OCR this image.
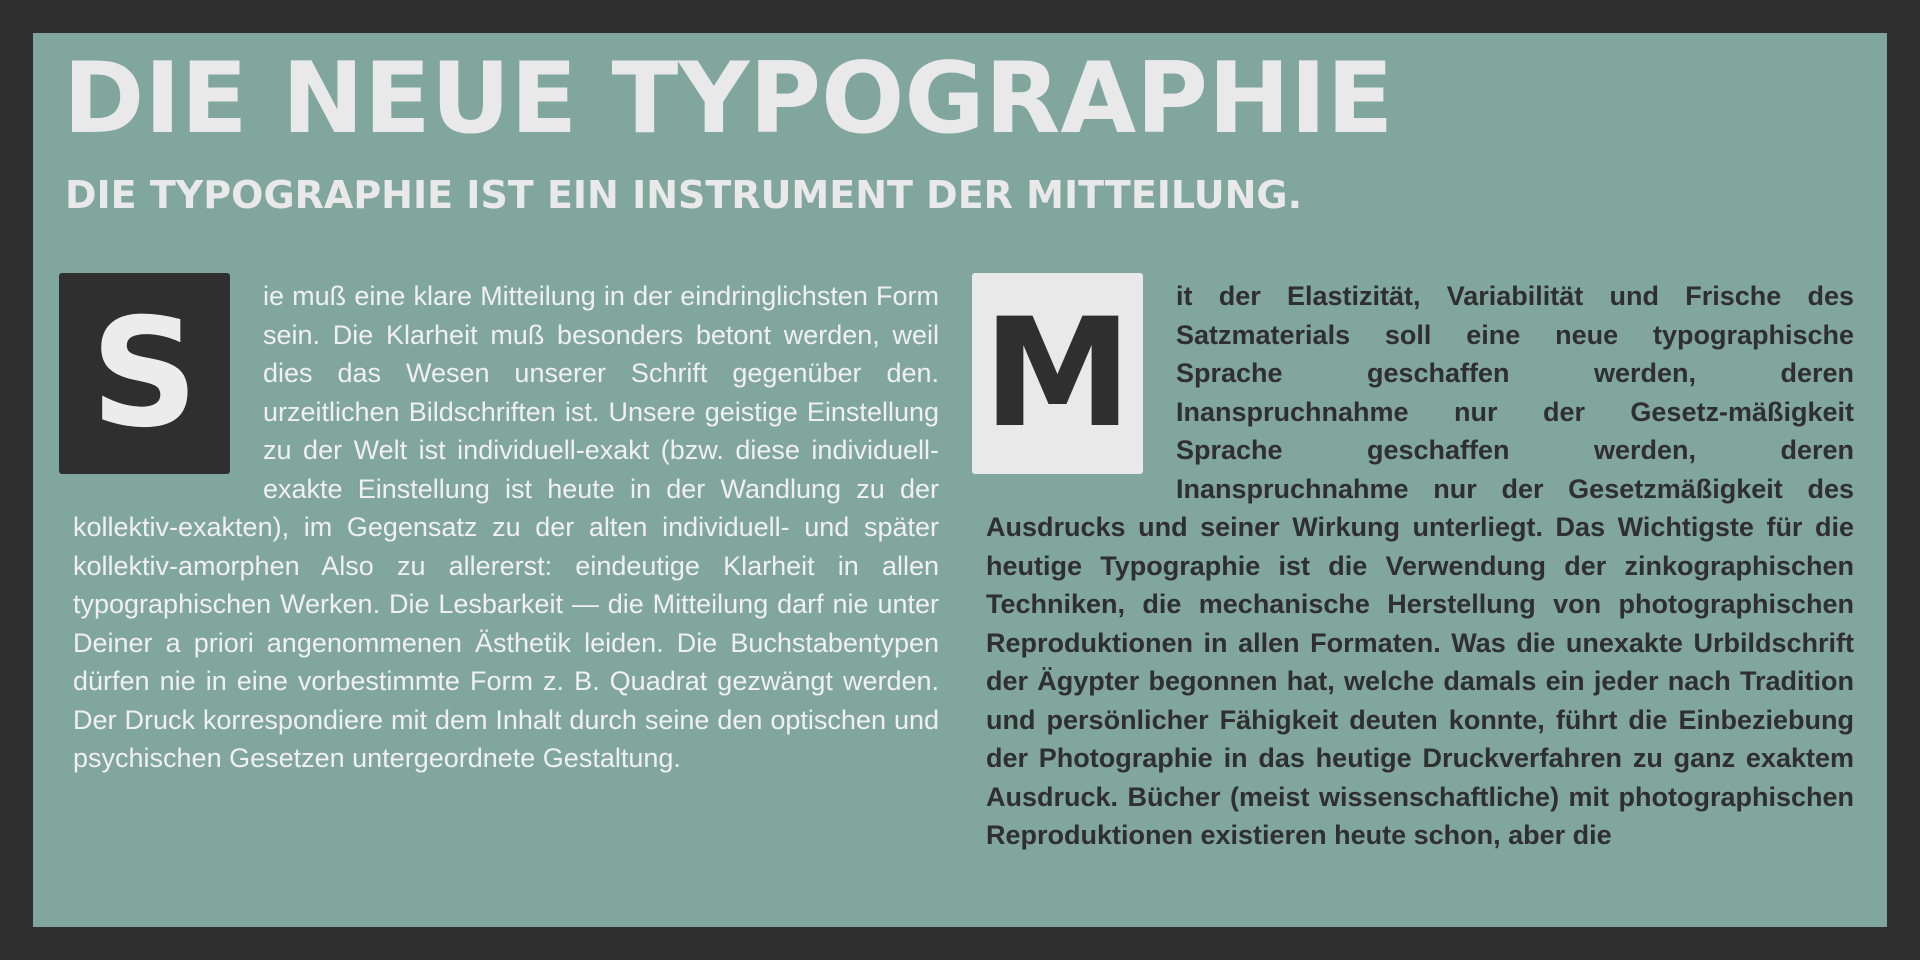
DIE NEUE TYPOGRAPHIE
DIE TYPOGRAPHIE IST EIN INSTRUMENT DER MITTEILUNG.

S	ie muß eine klare Mitteilung in der eindringlichsten Form sein. Die Klarheit muß besonders betont werden, weil dies das Wesen unserer Schrift gegenüber den. urzeitlichen Bildschriften ist. Unsere geistige Einstellung zu der Welt ist individuell-exakt (bzw. diese individuell-exakte Einstellung ist heute in der Wandlung zu der kollektiv-exakten), im Gegensatz zu der alten individuell- und später kollektiv-amorphen Also zu allererst: eindeutige Klarheit in allen typographischen Werken. Die Lesbarkeit — die Mitteilung darf nie unter Deiner a priori angenommenen Ästhetik leiden. Die Buchstabentypen dürfen nie in eine vorbestimmte Form z. B. Quadrat gezwängt werden. Der Druck korrespondiere mit dem Inhalt durch seine den optischen und psychischen Gesetzen untergeordnete Gestaltung.

M	it der Elastizität, Variabilität und Frische des Satzmaterials soll eine neue typographische Sprache geschaffen werden, deren Inanspruchnahme nur der Gesetz-mäßigkeit Sprache geschaffen werden, deren Inanspruchnahme nur der Gesetzmäßigkeit des Ausdrucks und seiner Wirkung unterliegt. Das Wichtigste für die heutige Typographie ist die Verwendung der zinkographischen Techniken, die mechanische Herstellung von photographischen Reproduktionen in allen Formaten. Was die unexakte Urbildschrift der Ägypter begonnen hat, welche damals ein jeder nach Tradition und persönlicher Fähigkeit deuten konnte, führt die Einbeziebung der Photographie in das heutige Druckverfahren zu ganz exaktem Ausdruck. Bücher (meist wissenschaftliche) mit photographischen Reproduktionen existieren heute schon, aber die
